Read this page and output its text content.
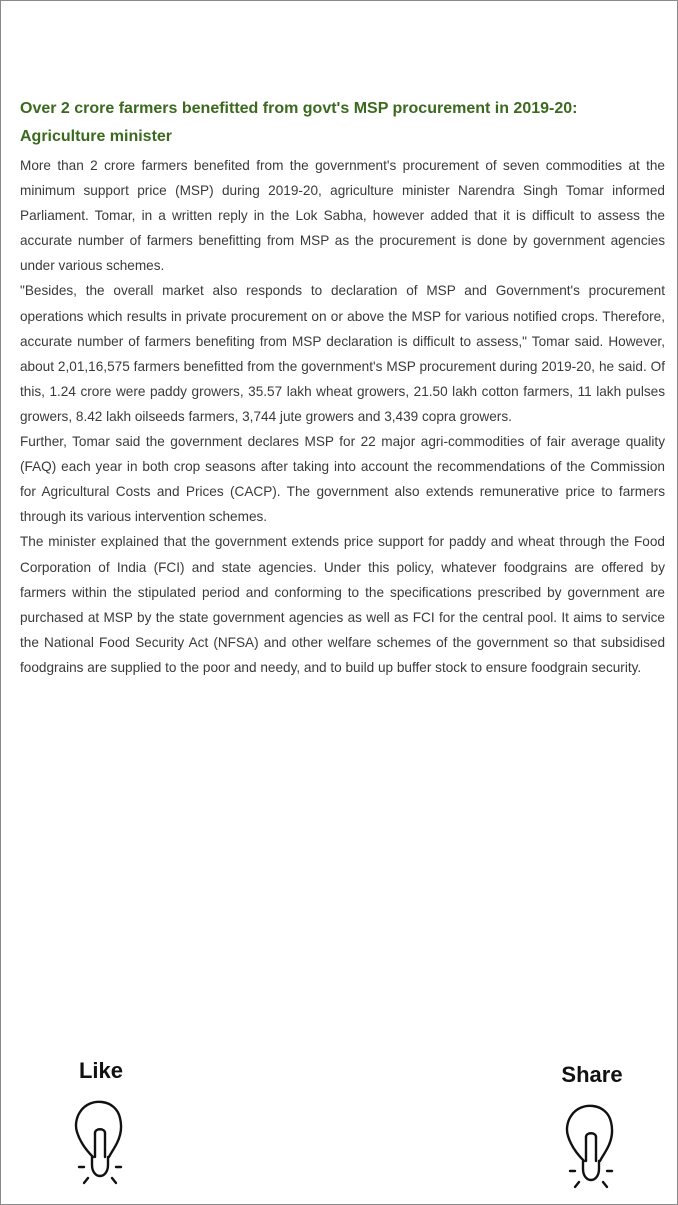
Over 2 crore farmers benefitted from govt's MSP procurement in 2019-20: Agriculture minister

More than 2 crore farmers benefited from the government's procurement of seven commodities at the minimum support price (MSP) during 2019-20, agriculture minister Narendra Singh Tomar informed Parliament. Tomar, in a written reply in the Lok Sabha, however added that it is difficult to assess the accurate number of farmers benefitting from MSP as the procurement is done by government agencies under various schemes.

"Besides, the overall market also responds to declaration of MSP and Government's procurement operations which results in private procurement on or above the MSP for various notified crops. Therefore, accurate number of farmers benefiting from MSP declaration is difficult to assess," Tomar said. However, about 2,01,16,575 farmers benefitted from the government's MSP procurement during 2019-20, he said. Of this, 1.24 crore were paddy growers, 35.57 lakh wheat growers, 21.50 lakh cotton farmers, 11 lakh pulses growers, 8.42 lakh oilseeds farmers, 3,744 jute growers and 3,439 copra growers.

Further, Tomar said the government declares MSP for 22 major agri-commodities of fair average quality (FAQ) each year in both crop seasons after taking into account the recommendations of the Commission for Agricultural Costs and Prices (CACP). The government also extends remunerative price to farmers through its various intervention schemes.

The minister explained that the government extends price support for paddy and wheat through the Food Corporation of India (FCI) and state agencies. Under this policy, whatever foodgrains are offered by farmers within the stipulated period and conforming to the specifications prescribed by government are purchased at MSP by the state government agencies as well as FCI for the central pool. It aims to service the National Food Security Act (NFSA) and other welfare schemes of the government so that subsidised foodgrains are supplied to the poor and needy, and to build up buffer stock to ensure foodgrain security.

Like	Share
